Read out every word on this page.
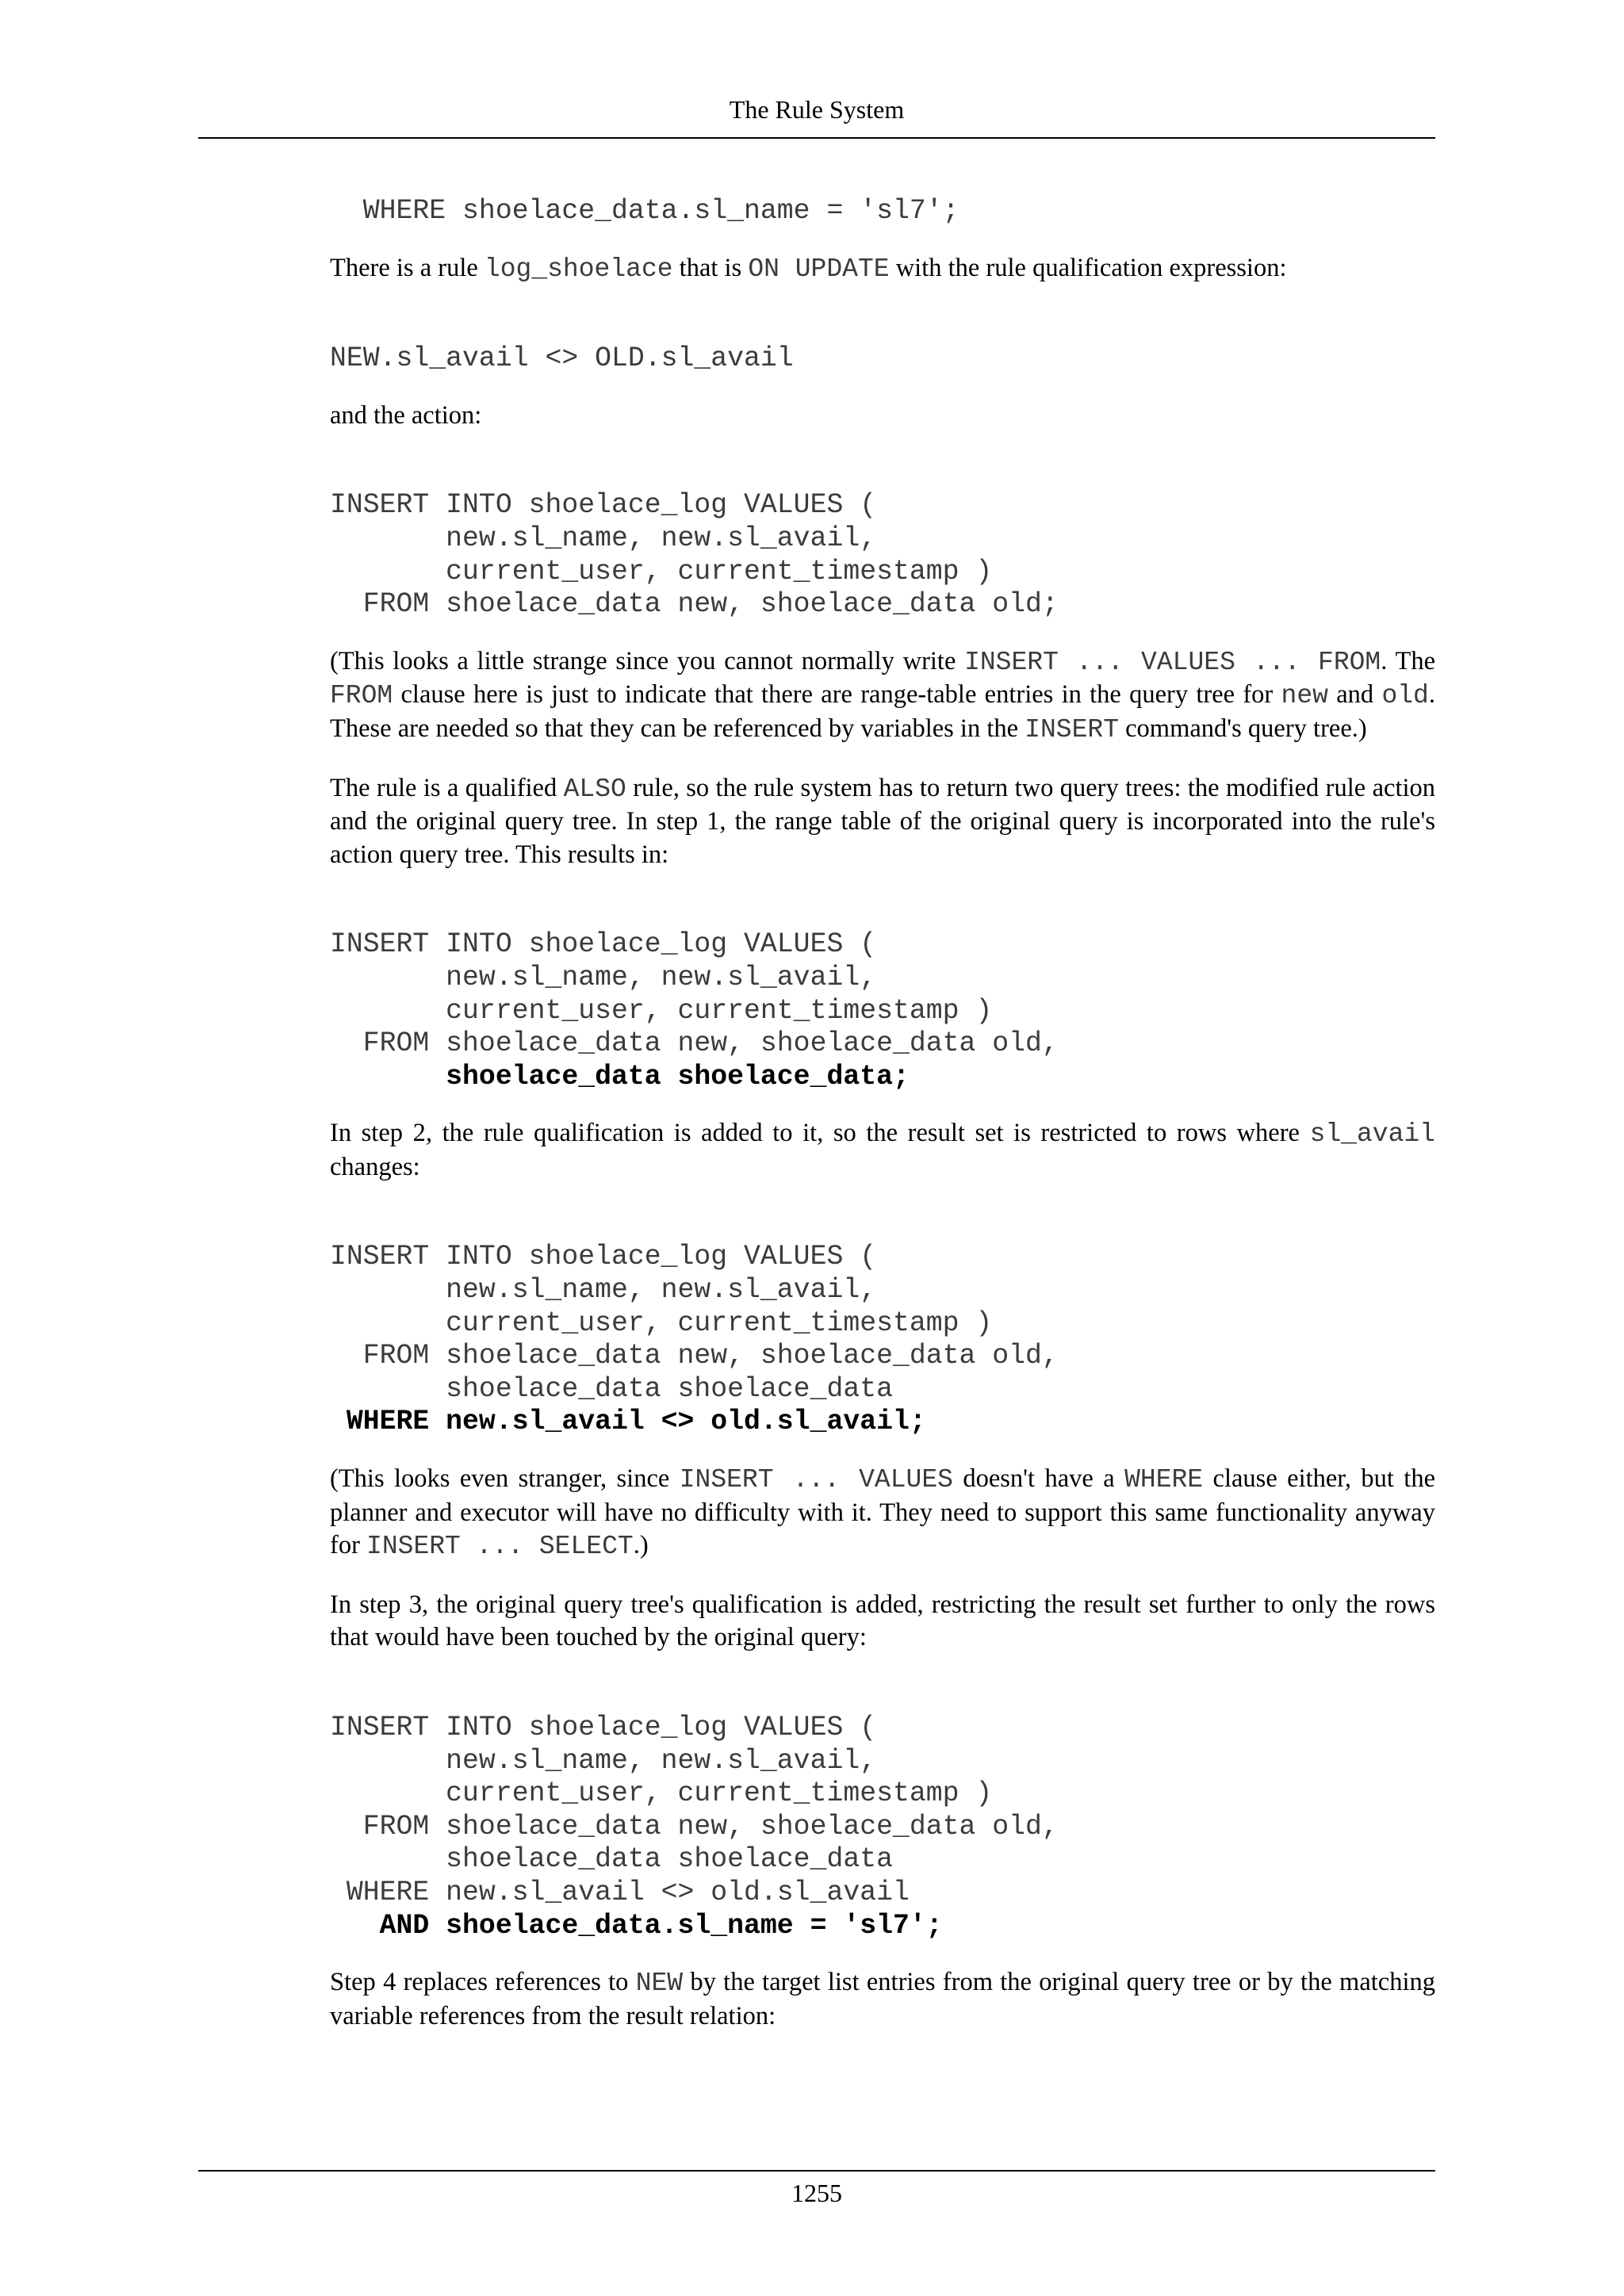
The Rule System
WHERE shoelace_data.sl_name = 'sl7';

There is a rule log_shoelace that is ON UPDATE with the rule qualification expression:

NEW.sl_avail <> OLD.sl_avail

and the action:

INSERT INTO shoelace_log VALUES (
new.sl_name, new.sl_avail,
current_user, current_timestamp )
FROM shoelace_data new, shoelace_data old;

(This looks a little strange since you cannot normally write INSERT ... VALUES ... FROM. The FROM clause here is just to indicate that there are range-table entries in the query tree for new and old. These are needed so that they can be referenced by variables in the INSERT command's query tree.)

The rule is a qualified ALSO rule, so the rule system has to return two query trees: the modified rule action and the original query tree. In step 1, the range table of the original query is incorporated into the rule's action query tree. This results in:

INSERT INTO shoelace_log VALUES (
new.sl_name, new.sl_avail,
current_user, current_timestamp )
FROM shoelace_data new, shoelace_data old,
shoelace_data shoelace_data;

In step 2, the rule qualification is added to it, so the result set is restricted to rows where sl_avail changes:

INSERT INTO shoelace_log VALUES (
new.sl_name, new.sl_avail,
current_user, current_timestamp )
FROM shoelace_data new, shoelace_data old,
shoelace_data shoelace_data
WHERE new.sl_avail <> old.sl_avail;

(This looks even stranger, since INSERT ... VALUES doesn't have a WHERE clause either, but the planner and executor will have no difficulty with it. They need to support this same functionality anyway for INSERT ... SELECT.)

In step 3, the original query tree's qualification is added, restricting the result set further to only the rows that would have been touched by the original query:

INSERT INTO shoelace_log VALUES (
new.sl_name, new.sl_avail,
current_user, current_timestamp )
FROM shoelace_data new, shoelace_data old,
shoelace_data shoelace_data
WHERE new.sl_avail <> old.sl_avail
AND shoelace_data.sl_name = 'sl7';

Step 4 replaces references to NEW by the target list entries from the original query tree or by the matching variable references from the result relation:

1255
